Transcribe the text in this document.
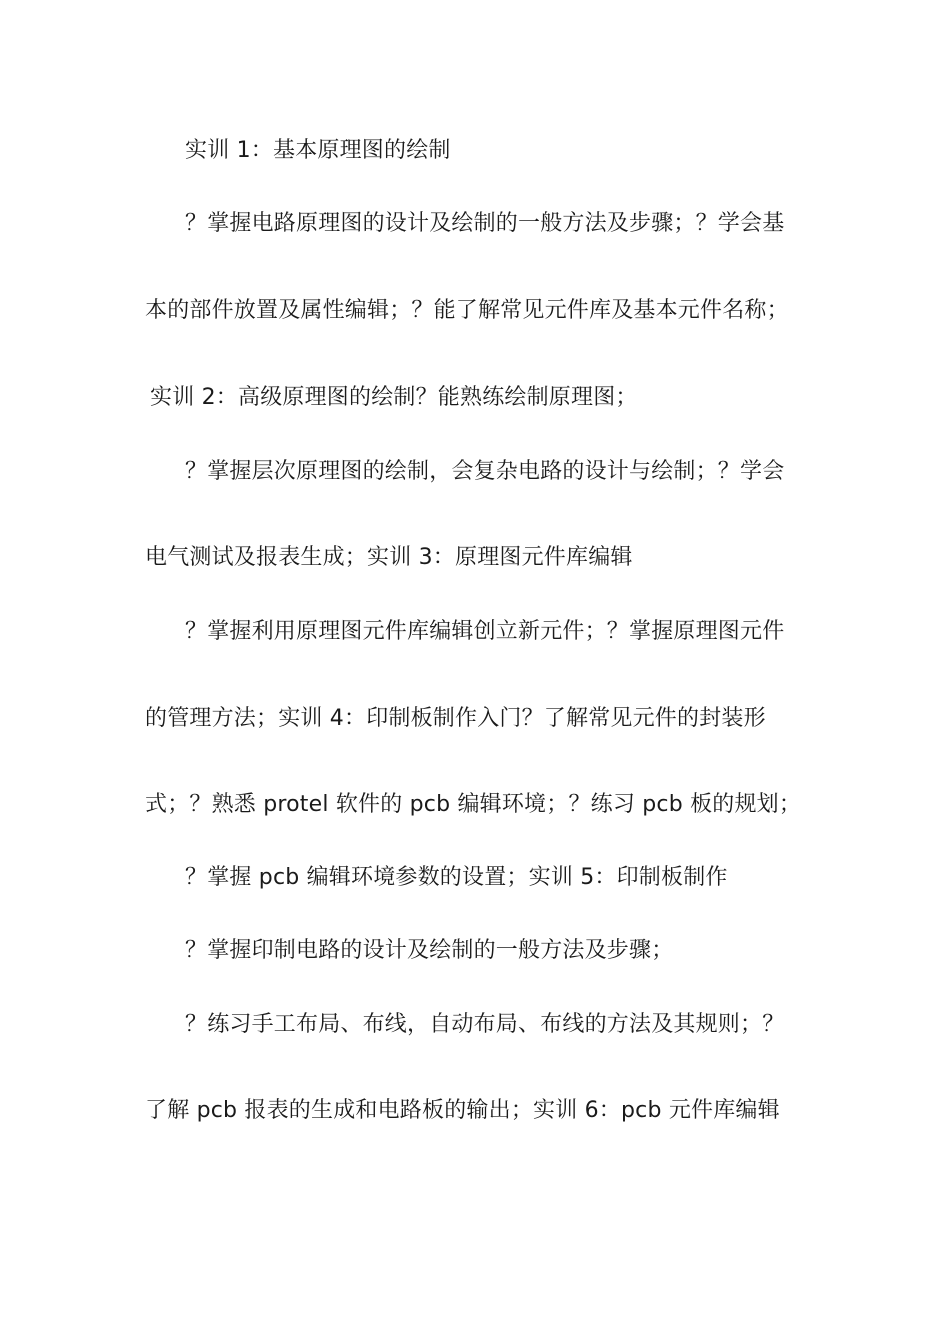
实训 1：基本原理图的绘制
？掌握电路原理图的设计及绘制的一般方法及步骤；？学会基
本的部件放置及属性编辑；？能了解常见元件库及基本元件名称；
实训 2：高级原理图的绘制？能熟练绘制原理图；
？掌握层次原理图的绘制，会复杂电路的设计与绘制；？学会
电气测试及报表生成；实训 3：原理图元件库编辑
？掌握利用原理图元件库编辑创立新元件；？掌握原理图元件
的管理方法；实训 4：印制板制作入门？了解常见元件的封装形
式；？熟悉 protel 软件的 pcb 编辑环境；？练习 pcb 板的规划；
？掌握 pcb 编辑环境参数的设置；实训 5：印制板制作
？掌握印制电路的设计及绘制的一般方法及步骤；
？练习手工布局、布线，自动布局、布线的方法及其规则；？
了解 pcb 报表的生成和电路板的输出；实训 6：pcb 元件库编辑
